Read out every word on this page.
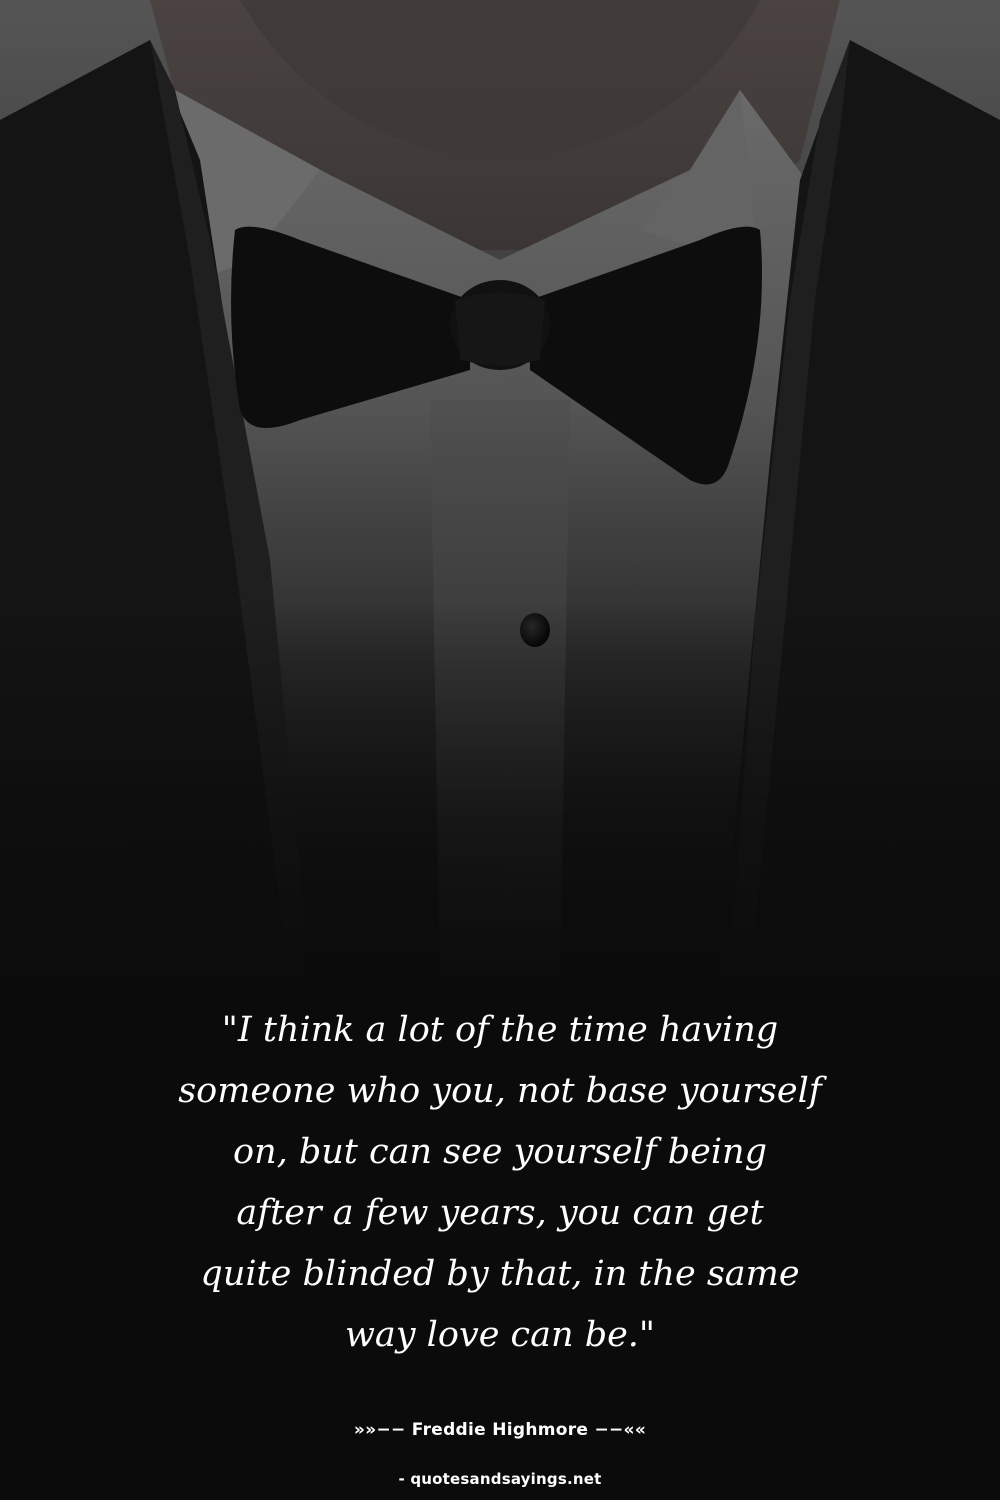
"I think a lot of the time having
someone who you, not base yourself
on, but can see yourself being
after a few years, you can get
quite blinded by that, in the same
way love can be."

»»−− Freddie Highmore −−««
- quotesandsayings.net
